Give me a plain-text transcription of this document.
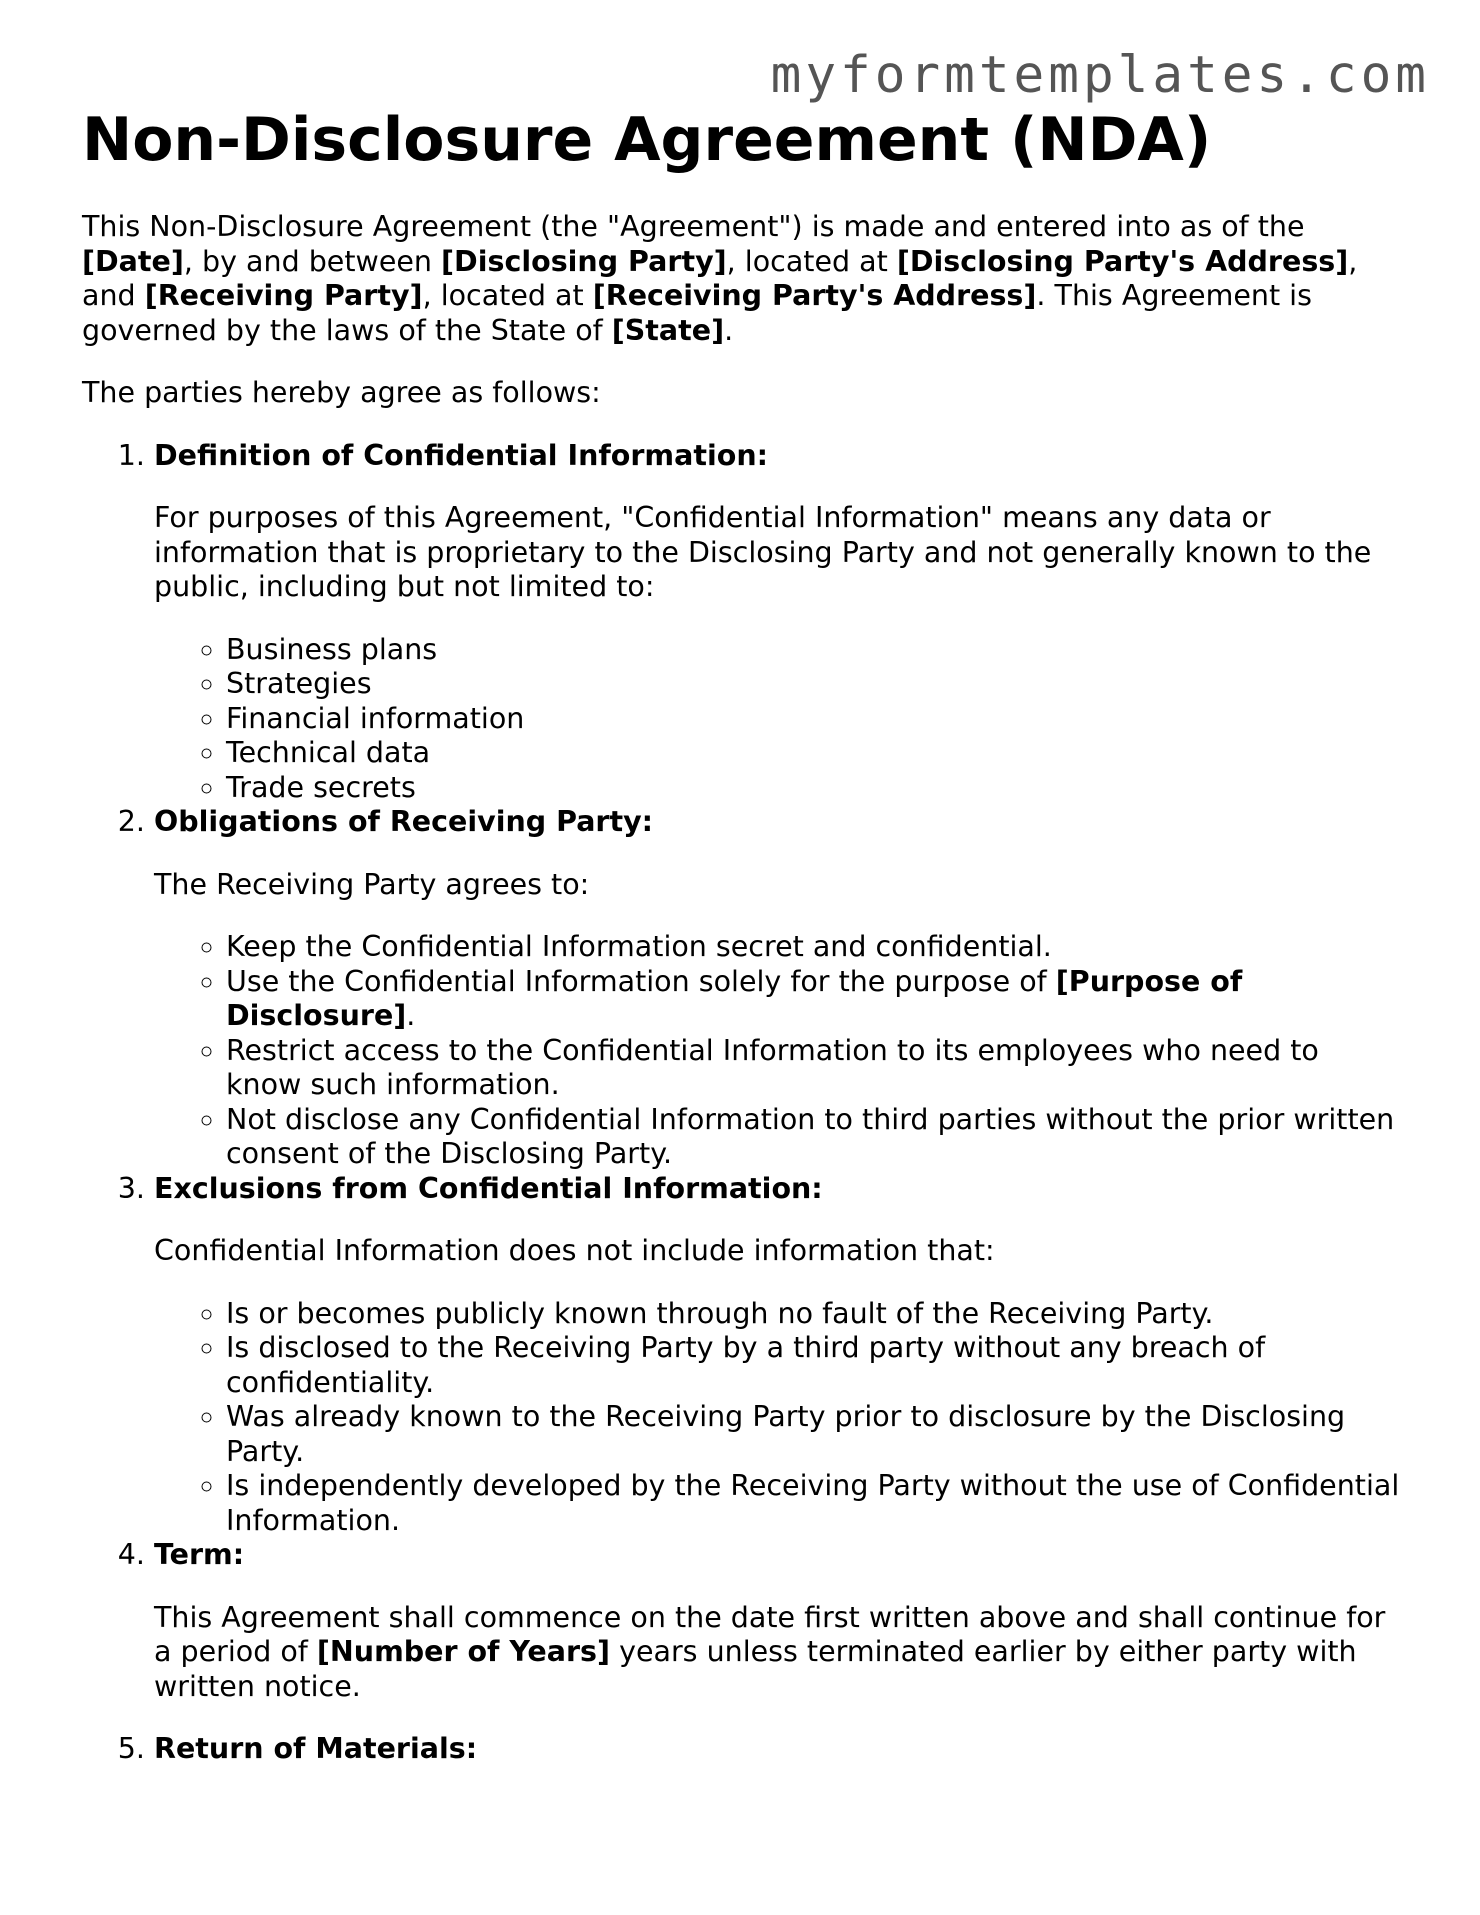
myformtemplates.com
Non-Disclosure Agreement (NDA)

This Non-Disclosure Agreement (the "Agreement") is made and entered into as of the [Date], by and between [Disclosing Party], located at [Disclosing Party's Address], and [Receiving Party], located at [Receiving Party's Address]. This Agreement is governed by the laws of the State of [State].

The parties hereby agree as follows:

1. Definition of Confidential Information:

For purposes of this Agreement, "Confidential Information" means any data or information that is proprietary to the Disclosing Party and not generally known to the public, including but not limited to:

◦ Business plans
◦ Strategies
◦ Financial information
◦ Technical data
◦ Trade secrets
2. Obligations of Receiving Party:

The Receiving Party agrees to:

◦ Keep the Confidential Information secret and confidential.
◦ Use the Confidential Information solely for the purpose of [Purpose of Disclosure].
◦ Restrict access to the Confidential Information to its employees who need to know such information.
◦ Not disclose any Confidential Information to third parties without the prior written consent of the Disclosing Party.
3. Exclusions from Confidential Information:

Confidential Information does not include information that:

◦ Is or becomes publicly known through no fault of the Receiving Party.
◦ Is disclosed to the Receiving Party by a third party without any breach of confidentiality.
◦ Was already known to the Receiving Party prior to disclosure by the Disclosing Party.
◦ Is independently developed by the Receiving Party without the use of Confidential Information.
4. Term:

This Agreement shall commence on the date first written above and shall continue for a period of [Number of Years] years unless terminated earlier by either party with written notice.

5. Return of Materials:
